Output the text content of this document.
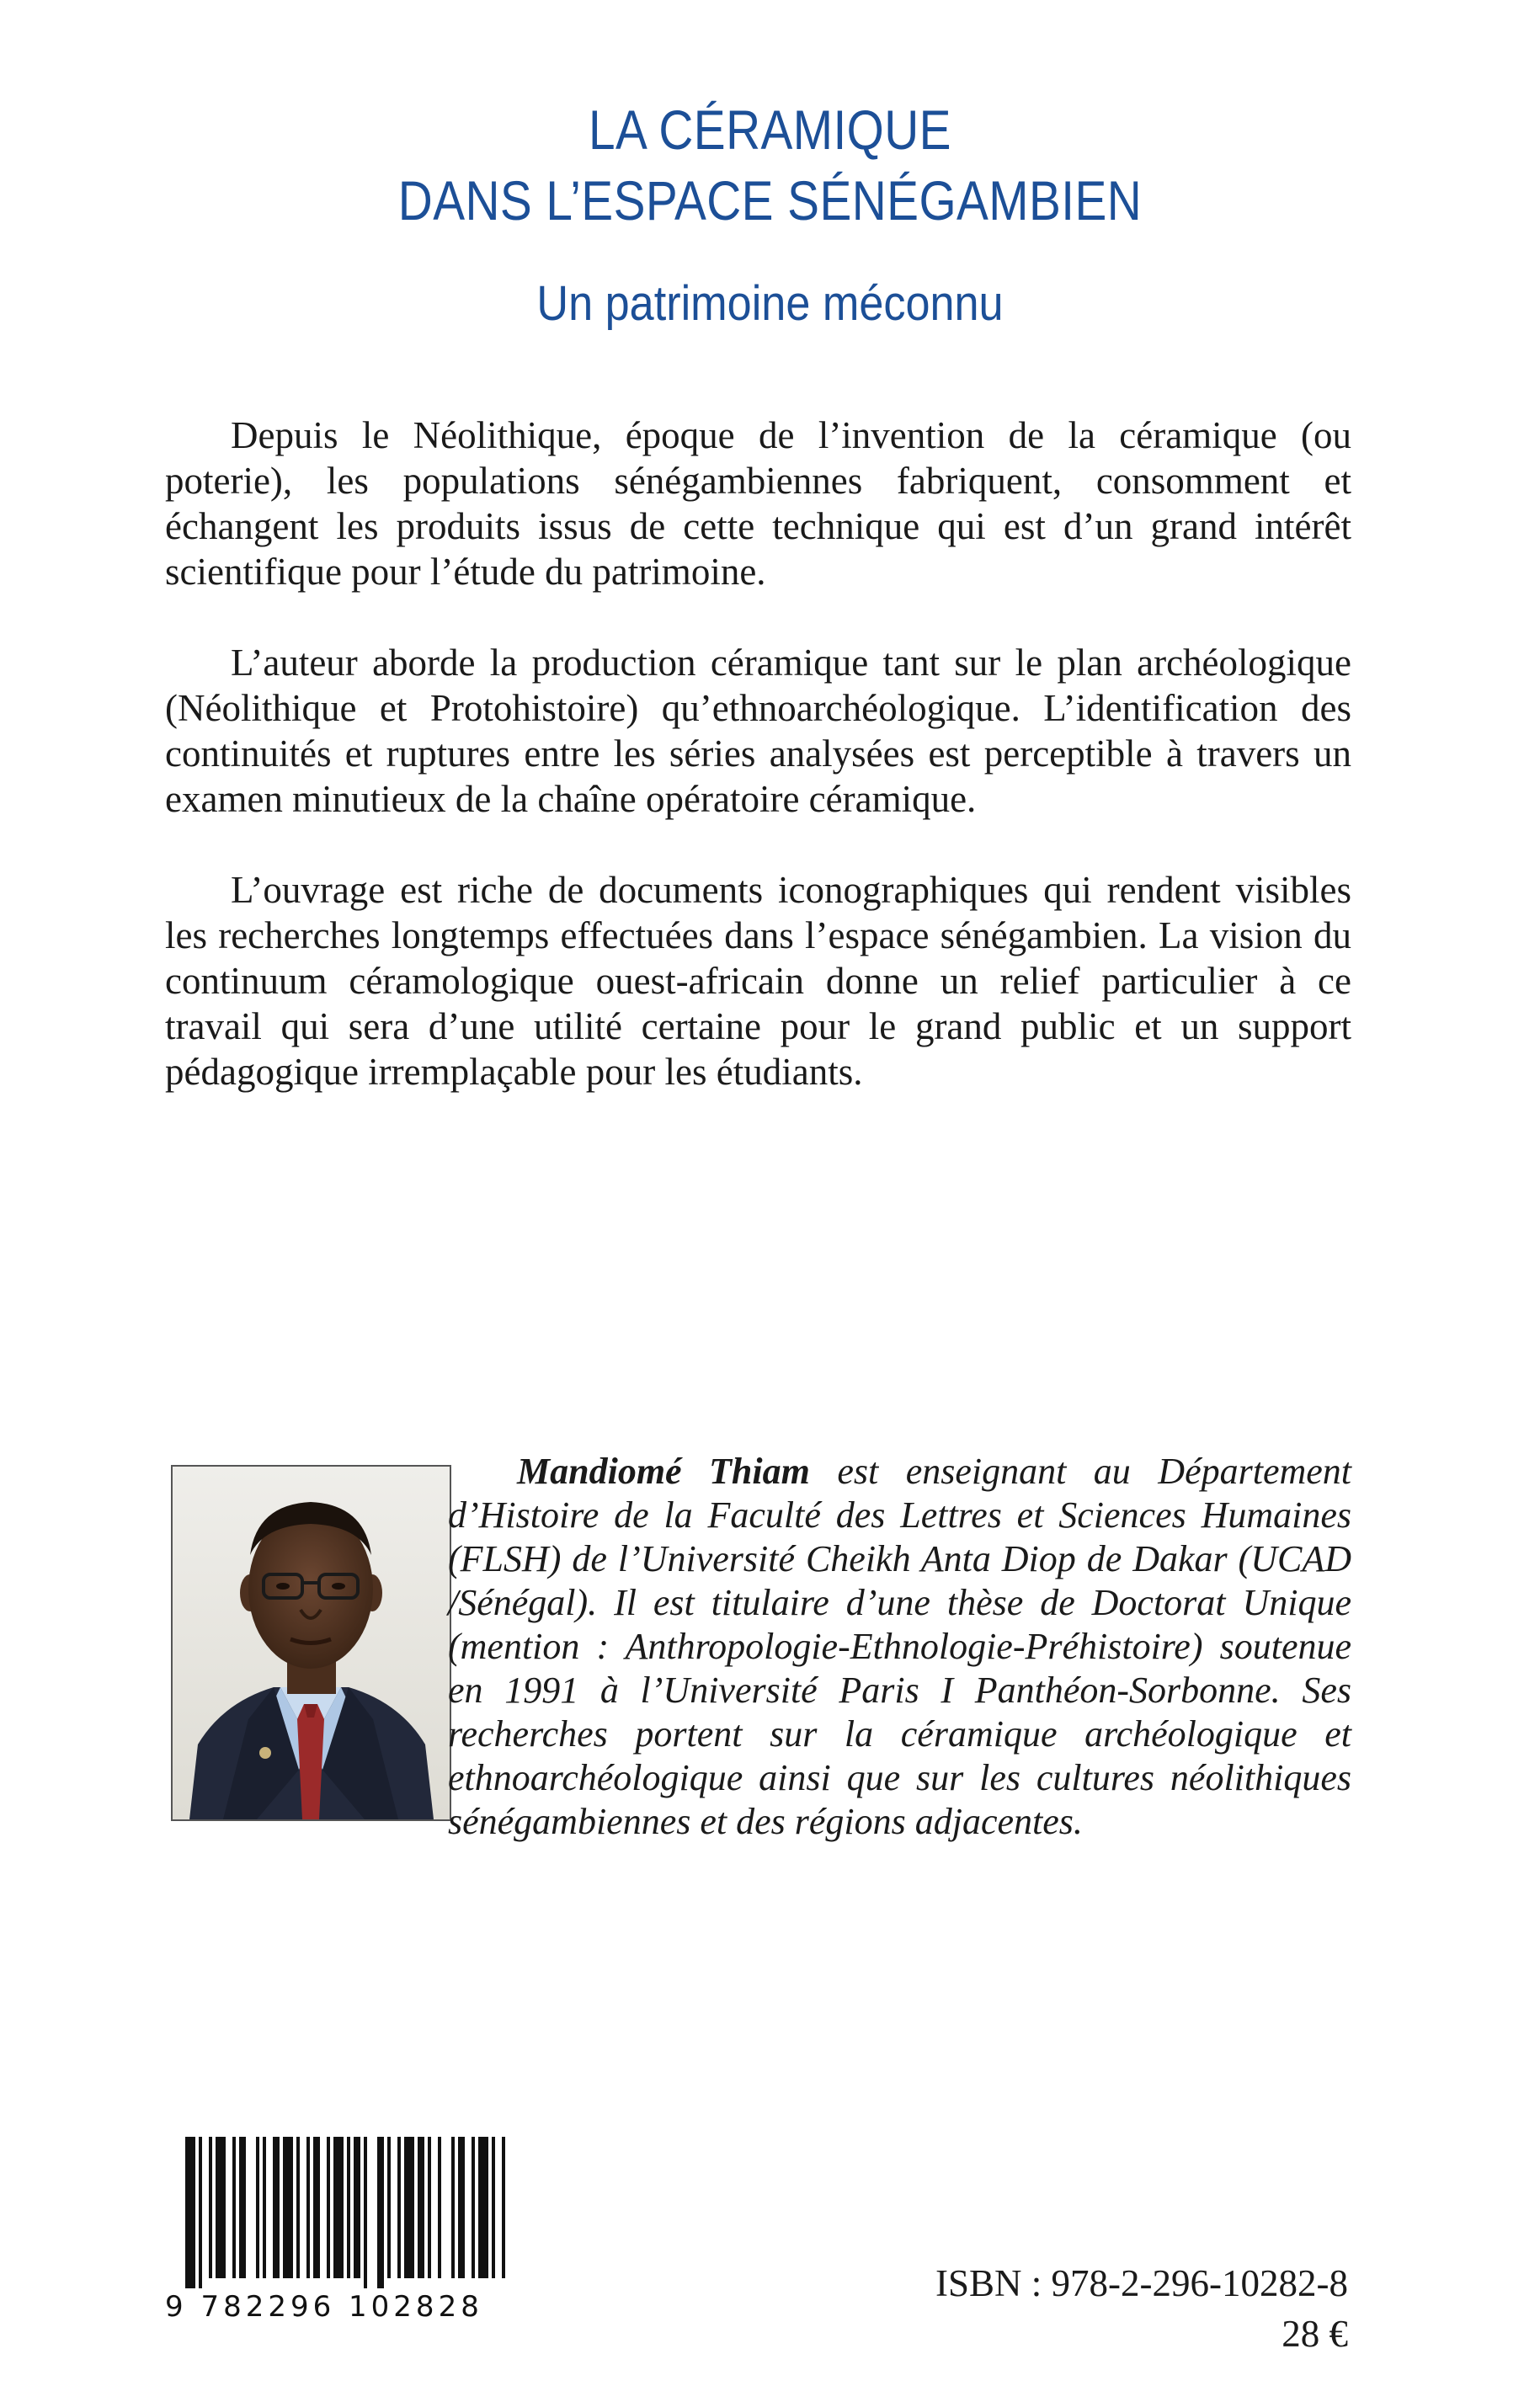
LA CÉRAMIQUE
DANS L’ESPACE SÉNÉGAMBIEN
Un patrimoine méconnu

Depuis le Néolithique, époque de l’invention de la céramique (ou poterie), les populations sénégambiennes fabriquent, consomment et échangent les produits issus de cette technique qui est d’un grand intérêt scientifique pour l’étude du patrimoine.

L’auteur aborde la production céramique tant sur le plan archéologique (Néolithique et Protohistoire) qu’ethnoarchéologique. L’identification des continuités et ruptures entre les séries analysées est perceptible à travers un examen minutieux de la chaîne opératoire céramique.

L’ouvrage est riche de documents iconographiques qui rendent visibles les recherches longtemps effectuées dans l’espace sénégambien. La vision du continuum céramologique ouest-africain donne un relief particulier à ce travail qui sera d’une utilité certaine pour le grand public et un support pédagogique irremplaçable pour les étudiants.

Mandiomé Thiam est enseignant au Département d’Histoire de la Faculté des Lettres et Sciences Humaines (FLSH) de l’Université Cheikh Anta Diop de Dakar (UCAD /Sénégal). Il est titulaire d’une thèse de Doctorat Unique (mention : Anthropologie-Ethnologie-Préhistoire) soutenue en 1991 à l’Université Paris I Panthéon-Sorbonne. Ses recherches portent sur la céramique archéologique et ethnoarchéologique ainsi que sur les cultures néolithiques sénégambiennes et des régions adjacentes.
9 782296 102828
ISBN : 978-2-296-10282-8
28 €
